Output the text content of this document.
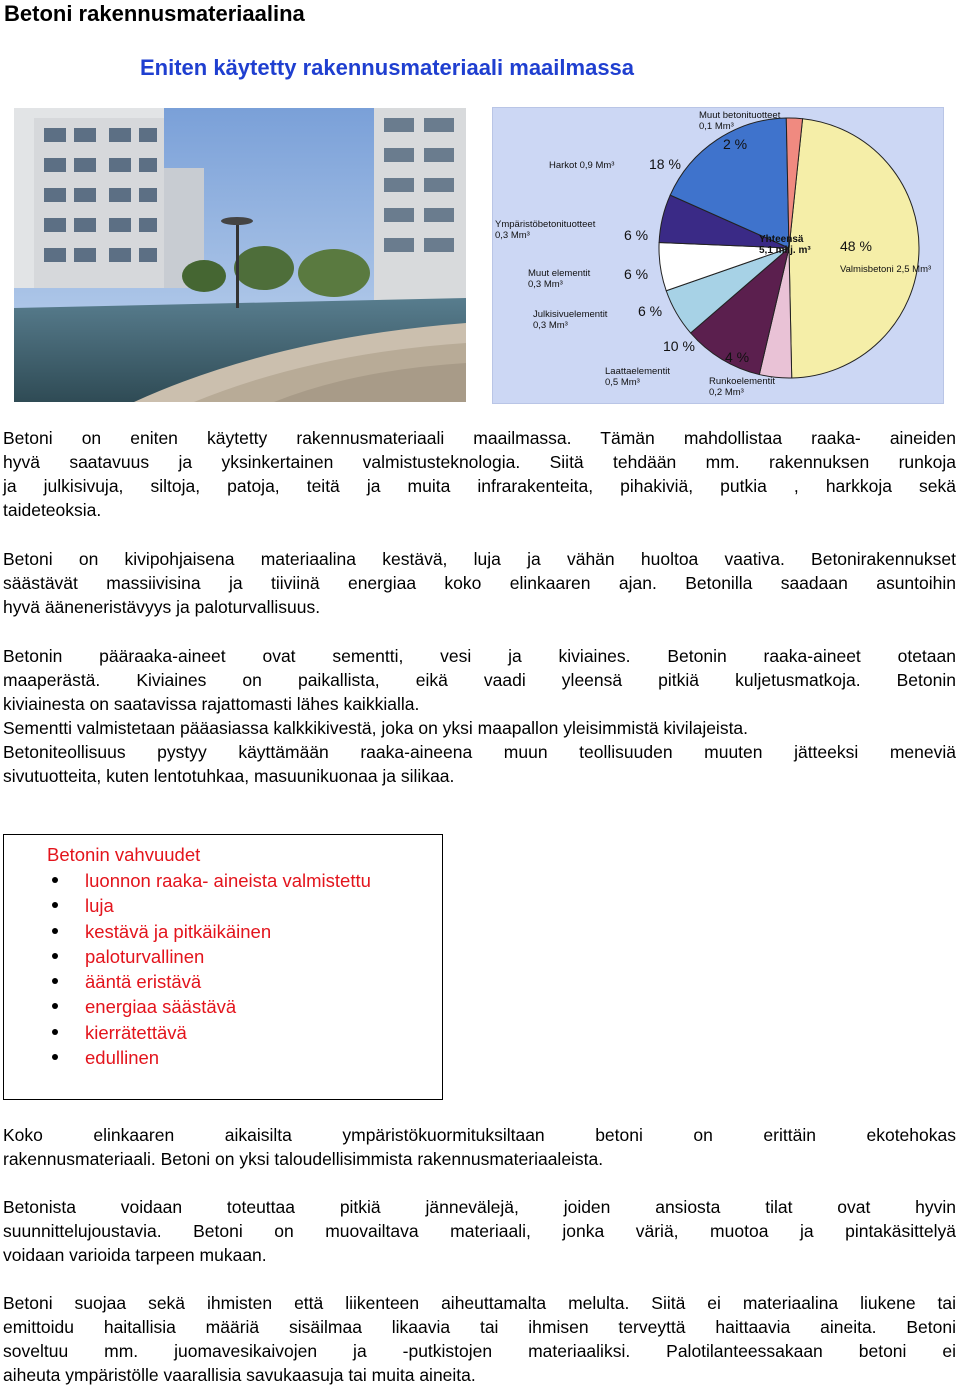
Betoni rakennusmateriaalina
Eniten käytetty rakennusmateriaali maailmassa
Muut betonituotteet
0,1 Mm³
2 %
Harkot 0,9 Mm³ 18 %
Ympäristöbetonituotteet
0,3 Mm³	6 %
Muut elementit
0,3 Mm³
6 %
Julkisivuelementit
0,3 Mm³
6 %
10 %
Laattaelementit
0,5 Mm³
4 %
Runkoelementit
0,2 Mm³
48 %
Valmisbetoni 2,5 Mm³
Yhteensä
5,1 milj. m³
Betoni on eniten käytetty rakennusmateriaali maailmassa. Tämän mahdollistaa raaka- aineiden
hyvä saatavuus ja yksinkertainen valmistusteknologia. Siitä tehdään mm. rakennuksen runkoja
ja julkisivuja, siltoja, patoja, teitä ja muita infrarakenteita, pihakiviä, putkia , harkkoja sekä
taideteoksia.
Betoni on kivipohjaisena materiaalina kestävä, luja ja vähän huoltoa vaativa. Betonirakennukset
säästävät massiivisina ja tiiviinä energiaa koko elinkaaren ajan. Betonilla saadaan asuntoihin
hyvä ääneneristävyys ja paloturvallisuus.
Betonin pääraaka-aineet ovat sementti, vesi ja kiviaines. Betonin raaka-aineet otetaan
maaperästä. Kiviaines on paikallista, eikä vaadi yleensä pitkiä kuljetusmatkoja. Betonin
kiviainesta on saatavissa rajattomasti lähes kaikkialla.
Sementti valmistetaan pääasiassa kalkkikivestä, joka on yksi maapallon yleisimmistä kivilajeista.
Betoniteollisuus pystyy käyttämään raaka-aineena muun teollisuuden muuten jätteeksi meneviä
sivutuotteita, kuten lentotuhkaa, masuunikuonaa ja silikaa.
Betonin vahvuudet
luonnon raaka- aineista valmistettu
luja
kestävä ja pitkäikäinen
paloturvallinen
ääntä eristävä
energiaa säästävä
kierrätettävä
edullinen
Koko elinkaaren aikaisilta ympäristökuormituksiltaan betoni on erittäin ekotehokas
rakennusmateriaali. Betoni on yksi taloudellisimmista rakennusmateriaaleista.
Betonista voidaan toteuttaa pitkiä jännevälejä, joiden ansiosta tilat ovat hyvin
suunnittelujoustavia. Betoni on muovailtava materiaali, jonka väriä, muotoa ja pintakäsittelyä
voidaan varioida tarpeen mukaan.
Betoni suojaa sekä ihmisten että liikenteen aiheuttamalta melulta. Siitä ei materiaalina liukene tai
emittoidu haitallisia määriä sisäilmaa likaavia tai ihmisen terveyttä haittaavia aineita. Betoni
soveltuu mm. juomavesikaivojen ja -putkistojen materiaaliksi. Palotilanteessakaan betoni ei
aiheuta ympäristölle vaarallisia savukaasuja tai muita aineita.
